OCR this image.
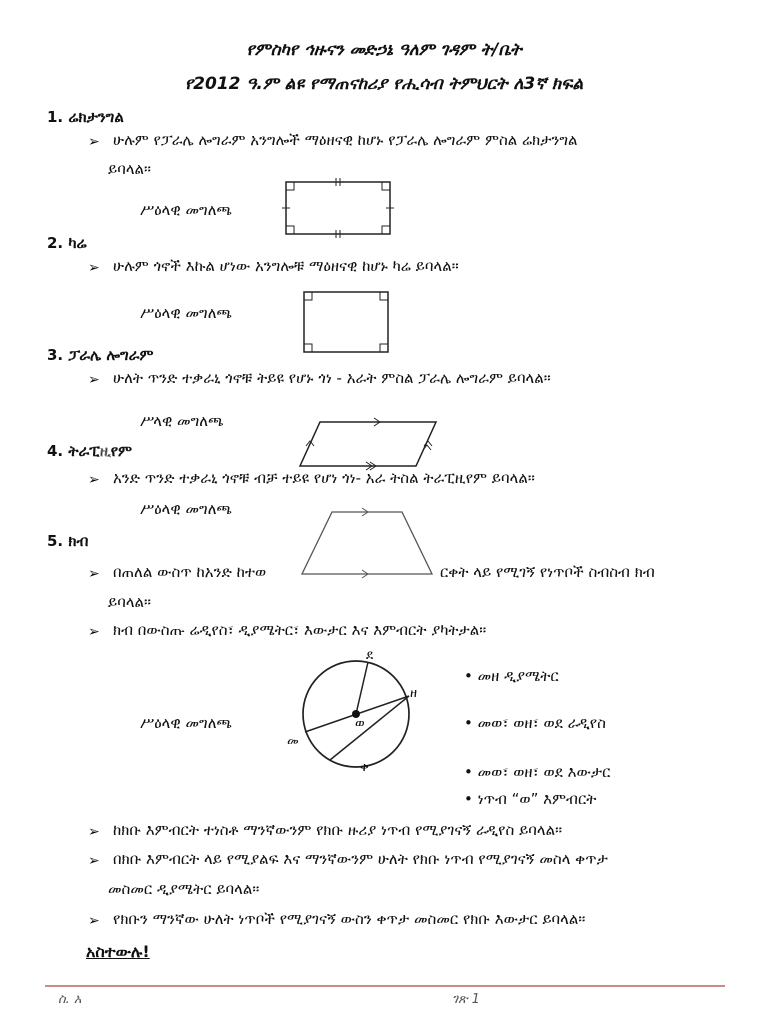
የምስካየ ኅዙናን መድኃኔ ዓለም ገዳም ት/ቤት
የ2012 ዓ.ም ልዩ የማጠናከሪያ የሒሳብ ትምህርት ለ3ኛ ክፍል
1. ሬክታንግል
➢ ሁሉም የፓራሌ ሎግራም አንግሎች ማዕዘናዊ ከሆኑ የፓራሌ ሎግራም ምስል ሬክታንግል
ይባላል።
ሥዕላዊ መግለጫ
2. ካሬ
➢ ሁሉም ጎኖች እኩል ሆነው አንግሎቹ ማዕዘናዊ ከሆኑ ካሬ ይባላል።
ሥዕላዊ መግለጫ
3. ፓራሌ ሎግራም
➢ ሁለት ጥንድ ተቃራኒ ጎኖቹ ትይዩ የሆኑ ጎነ - አራት ምስል ፓራሌ ሎግራም ይባላል።
ሥላዊ መግለጫ
4. ትራፒዚየም
➢ አንድ ጥንድ ተቃራኒ ጎኖቹ ብቻ ተይዩ የሆነ ጎነ- አራ ትስል ትራፒዚየም ይባላል።
ሥዕላዊ መግለጫ
5. ክብ
➢ በጠለል ውስጥ ከአንድ ከተወ	ርቀት ላይ የሚገኝ የነጥቦች ስብስብ ክብ
ይባላል።
➢ ክብ በውስጡ ሬዲየስ፣ ዲያሜትር፣ እውታር እና እምብርት ያካትታል።
ደ
ዘ
ቀ
መ
ወ
ሥዕላዊ መግለጫ
• መዘ ዲያሜትር
• መወ፣ ወዘ፣ ወደ ራዲየስ
• መወ፣ ወዘ፣ ወደ እውታር
• ነጥብ “ወ” እምብርት
➢ ከክቡ እምብርት ተነስቶ ማንኛውንም የክቡ ዙሪያ ነጥብ የሚያገናኝ ራዲየስ ይባላል።
➢ በክቡ እምብርት ላይ የሚያልፍ እና ማንኛውንም ሁለት የክቡ ነጥብ የሚያገናኝ መስላ ቀጥታ
መስመር ዲያሜትር ይባላል።
➢ የክቡን ማንኛው ሁለት ነጥቦች የሚያገናኝ ውስን ቀጥታ መስመር የክቡ እውታር ይባላል።
አስተውሉ!
ስ. አ	ገጽ 1
